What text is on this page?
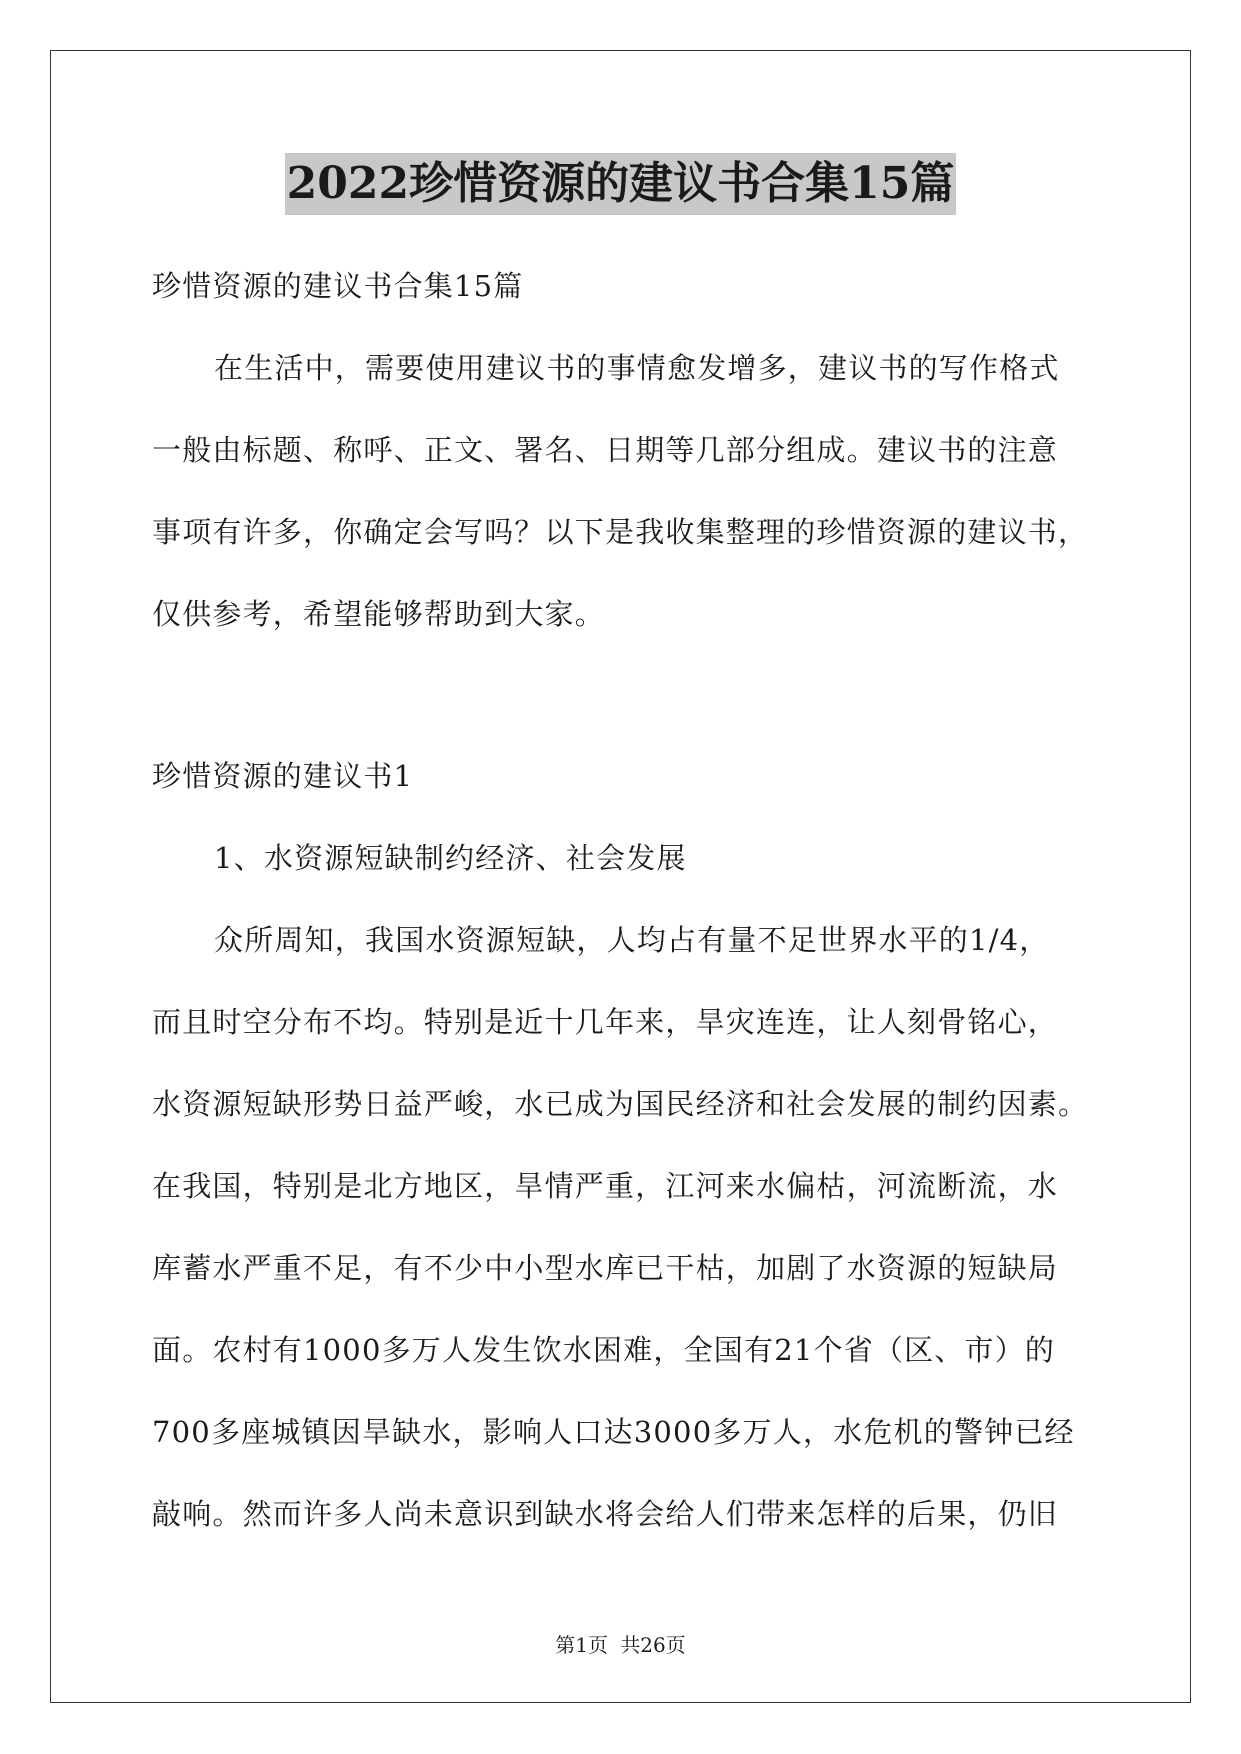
2022珍惜资源的建议书合集15篇
珍惜资源的建议书合集15篇
在生活中，需要使用建议书的事情愈发增多，建议书的写作格式
一般由标题、称呼、正文、署名、日期等几部分组成。建议书的注意
事项有许多，你确定会写吗？以下是我收集整理的珍惜资源的建议书，
仅供参考，希望能够帮助到大家。
珍惜资源的建议书1
1、水资源短缺制约经济、社会发展
众所周知，我国水资源短缺，人均占有量不足世界水平的1/4，
而且时空分布不均。特别是近十几年来，旱灾连连，让人刻骨铭心，
水资源短缺形势日益严峻，水已成为国民经济和社会发展的制约因素。
在我国，特别是北方地区，旱情严重，江河来水偏枯，河流断流，水
库蓄水严重不足，有不少中小型水库已干枯，加剧了水资源的短缺局
面。农村有1000多万人发生饮水困难，全国有21个省（区、市）的
700多座城镇因旱缺水，影响人口达3000多万人，水危机的警钟已经
敲响。然而许多人尚未意识到缺水将会给人们带来怎样的后果，仍旧
第1页 共26页
